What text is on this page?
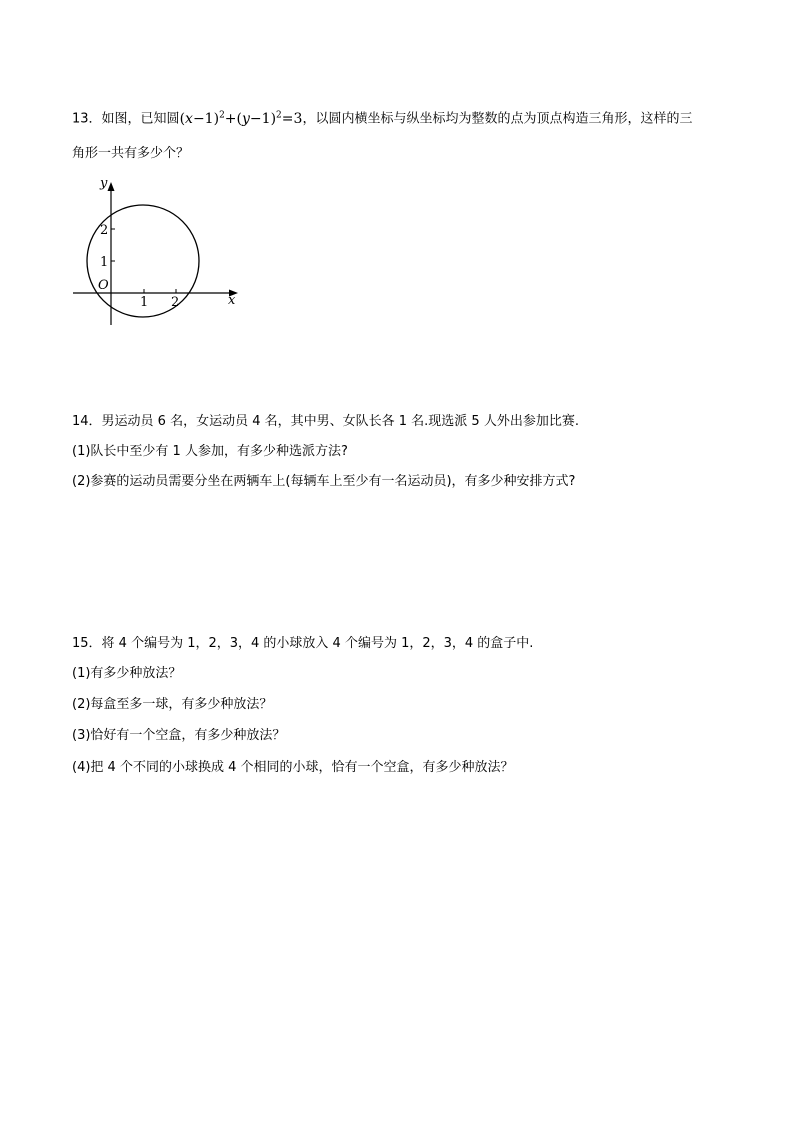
13．如图，已知圆$(x-1)^2+(y-1)^2=3$，以圆内横坐标与纵坐标均为整数的点为顶点构造三角形，这样的三
角形一共有多少个？
y
x
O
1 2
1
2
14．男运动员 6 名，女运动员 4 名，其中男、女队长各 1 名.现选派 5 人外出参加比赛.
(1)队长中至少有 1 人参加，有多少种选派方法?
(2)参赛的运动员需要分坐在两辆车上(每辆车上至少有一名运动员)，有多少种安排方式?
15．将 4 个编号为 1，2，3，4 的小球放入 4 个编号为 1，2，3，4 的盒子中.
(1)有多少种放法？
(2)每盒至多一球，有多少种放法？
(3)恰好有一个空盒，有多少种放法？
(4)把 4 个不同的小球换成 4 个相同的小球，恰有一个空盒，有多少种放法？
